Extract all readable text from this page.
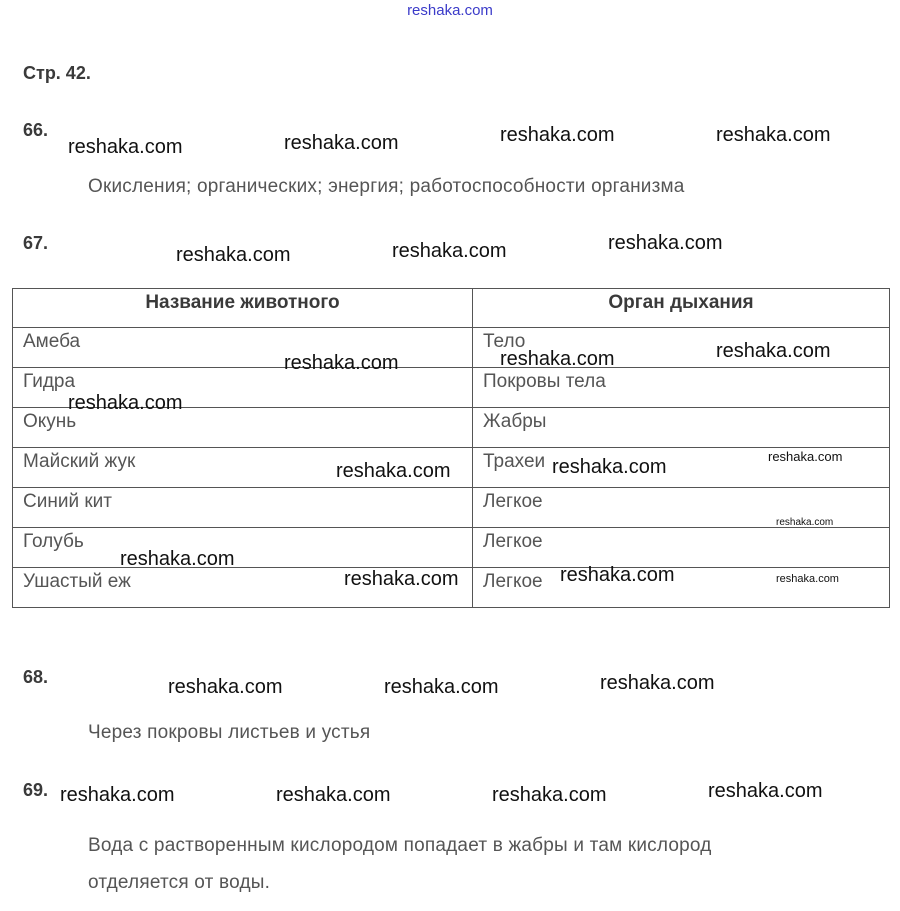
reshaka.com
Стр. 42.
66.
Окисления; органических; энергия; работоспособности организма
67.
Название животного	Орган дыхания
Амеба	Тело
Гидра	Покровы тела
Окунь	Жабры
Майский жук	Трахеи
Синий кит	Легкое
Голубь	Легкое
Ушастый еж	Легкое
68.
Через покровы листьев и устья
69.
Вода с растворенным кислородом попадает в жабры и там кислород
отделяется от воды.
reshaka.com	reshaka.com	reshaka.com	reshaka.com
reshaka.com	reshaka.com	reshaka.com
reshaka.com	reshaka.com	reshaka.com
reshaka.com
reshaka.com	reshaka.com	reshaka.com
reshaka.com
reshaka.com
reshaka.com	reshaka.com	reshaka.com
reshaka.com	reshaka.com	reshaka.com
reshaka.com	reshaka.com	reshaka.com	reshaka.com
